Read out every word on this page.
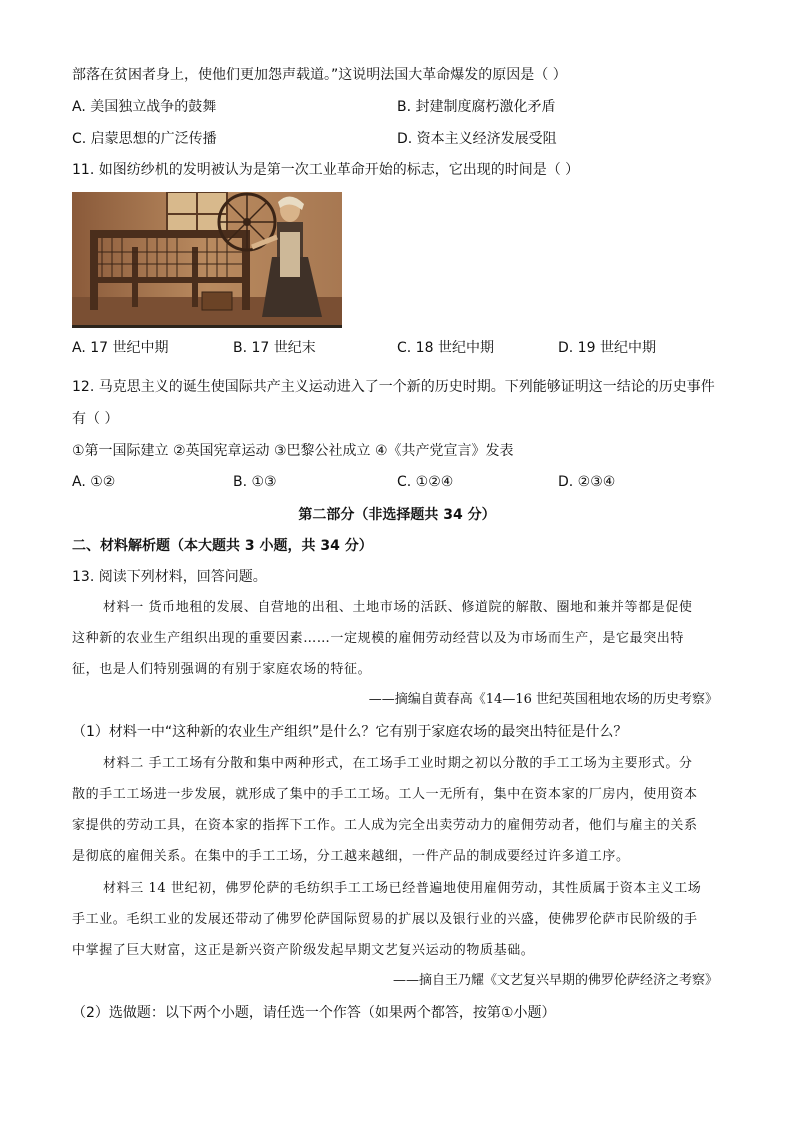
部落在贫困者身上，使他们更加怨声载道。”这说明法国大革命爆发的原因是（ ）
A. 美国独立战争的鼓舞	B. 封建制度腐朽激化矛盾
C. 启蒙思想的广泛传播	D. 资本主义经济发展受阻
11. 如图纺纱机的发明被认为是第一次工业革命开始的标志，它出现的时间是（ ）
A. 17 世纪中期	B. 17 世纪末	C. 18 世纪中期	D. 19 世纪中期
12. 马克思主义的诞生使国际共产主义运动进入了一个新的历史时期。下列能够证明这一结论的历史事件
有（ ）
①第一国际建立 ②英国宪章运动 ③巴黎公社成立 ④《共产党宣言》发表
A. ①②	B. ①③	C. ①②④	D. ②③④
第二部分（非选择题共 34 分）
二、材料解析题（本大题共 3 小题，共 34 分）
13. 阅读下列材料，回答问题。
材料一 货币地租的发展、自营地的出租、土地市场的活跃、修道院的解散、圈地和兼并等都是促使
这种新的农业生产组织出现的重要因素……一定规模的雇佣劳动经营以及为市场而生产，是它最突出特
征，也是人们特别强调的有别于家庭农场的特征。
——摘编自黄春高《14—16 世纪英国租地农场的历史考察》
（1）材料一中“这种新的农业生产组织”是什么？它有别于家庭农场的最突出特征是什么？
材料二 手工工场有分散和集中两种形式，在工场手工业时期之初以分散的手工工场为主要形式。分
散的手工工场进一步发展，就形成了集中的手工工场。工人一无所有，集中在资本家的厂房内，使用资本
家提供的劳动工具，在资本家的指挥下工作。工人成为完全出卖劳动力的雇佣劳动者，他们与雇主的关系
是彻底的雇佣关系。在集中的手工工场，分工越来越细，一件产品的制成要经过许多道工序。
材料三 14 世纪初，佛罗伦萨的毛纺织手工工场已经普遍地使用雇佣劳动，其性质属于资本主义工场
手工业。毛织工业的发展还带动了佛罗伦萨国际贸易的扩展以及银行业的兴盛，使佛罗伦萨市民阶级的手
中掌握了巨大财富，这正是新兴资产阶级发起早期文艺复兴运动的物质基础。
——摘自王乃耀《文艺复兴早期的佛罗伦萨经济之考察》
（2）选做题：以下两个小题，请任选一个作答（如果两个都答，按第①小题）
